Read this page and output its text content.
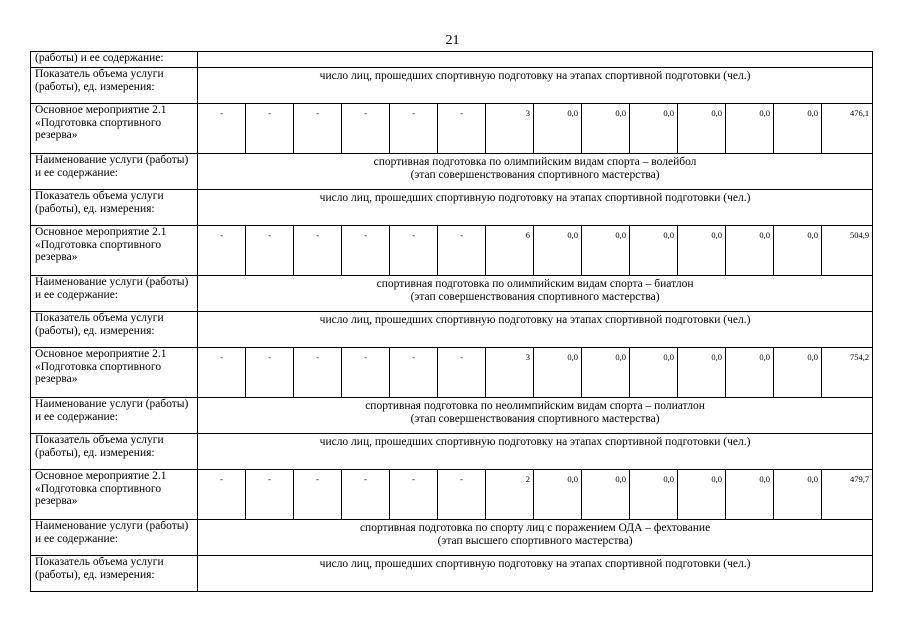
21
(работы) и ее содержание:														
Показатель объема услуги (работы), ед. измерения:	число лиц, прошедших спортивную подготовку на этапах спортивной подготовки (чел.)													
Основное мероприятие 2.1 «Подготовка спортивного резерва»	-	-	-	-	-	-	3	0,0	0,0	0,0	0,0	0,0	0,0	476,1
Наименование услуги (работы) и ее содержание:	спортивная подготовка по олимпийским видам спорта – волейбол
(этап совершенствования спортивного мастерства)													

Показатель объема услуги (работы), ед. измерения:	число лиц, прошедших спортивную подготовку на этапах спортивной подготовки (чел.)													
Основное мероприятие 2.1 «Подготовка спортивного резерва»	-	-	-	-	-	-	6	0,0	0,0	0,0	0,0	0,0	0,0	504,9
Наименование услуги (работы) и ее содержание:	спортивная подготовка по олимпийским видам спорта – биатлон
(этап совершенствования спортивного мастерства)													

Показатель объема услуги (работы), ед. измерения:	число лиц, прошедших спортивную подготовку на этапах спортивной подготовки (чел.)													
Основное мероприятие 2.1 «Подготовка спортивного резерва»	-	-	-	-	-	-	3	0,0	0,0	0,0	0,0	0,0	0,0	754,2
Наименование услуги (работы) и ее содержание:	спортивная подготовка по неолимпийским видам спорта – полиатлон
(этап совершенствования спортивного мастерства)													

Показатель объема услуги (работы), ед. измерения:	число лиц, прошедших спортивную подготовку на этапах спортивной подготовки (чел.)													
Основное мероприятие 2.1 «Подготовка спортивного резерва»	-	-	-	-	-	-	2	0,0	0,0	0,0	0,0	0,0	0,0	479,7
Наименование услуги (работы) и ее содержание:	спортивная подготовка по спорту лиц с поражением ОДА – фехтование
(этап высшего спортивного мастерства)													

Показатель объема услуги (работы), ед. измерения:	число лиц, прошедших спортивную подготовку на этапах спортивной подготовки (чел.)													
